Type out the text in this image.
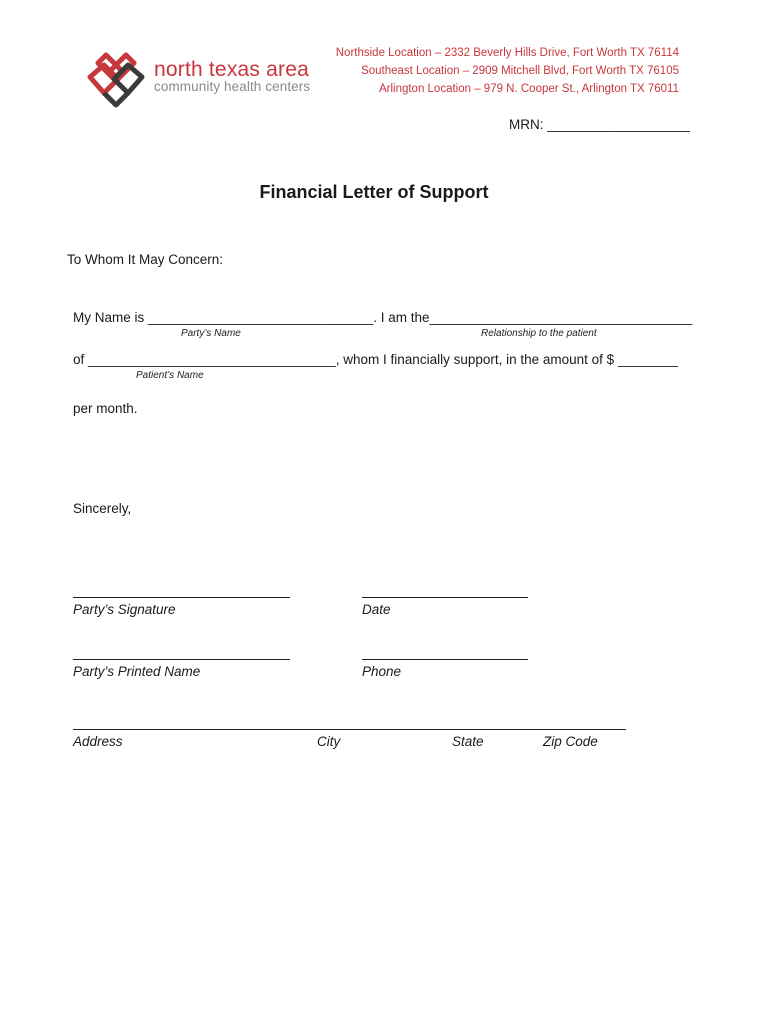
north texas area
community health centers
Northside Location – 2332 Beverly Hills Drive, Fort Worth TX 76114
Southeast Location – 2909 Mitchell Blvd, Fort Worth TX 76105
Arlington Location – 979 N. Cooper St., Arlington TX 76011
MRN: ___________________
Financial Letter of Support
To Whom It May Concern:
My Name is ______________________________. I am the___________________________________
Party’s Name	Relationship to the patient
of _________________________________, whom I financially support, in the amount of $ ________
Patient’s Name
per month.
Sincerely,
Party’s Signature	Date
Party’s Printed Name	Phone
Address	City	State	Zip Code
